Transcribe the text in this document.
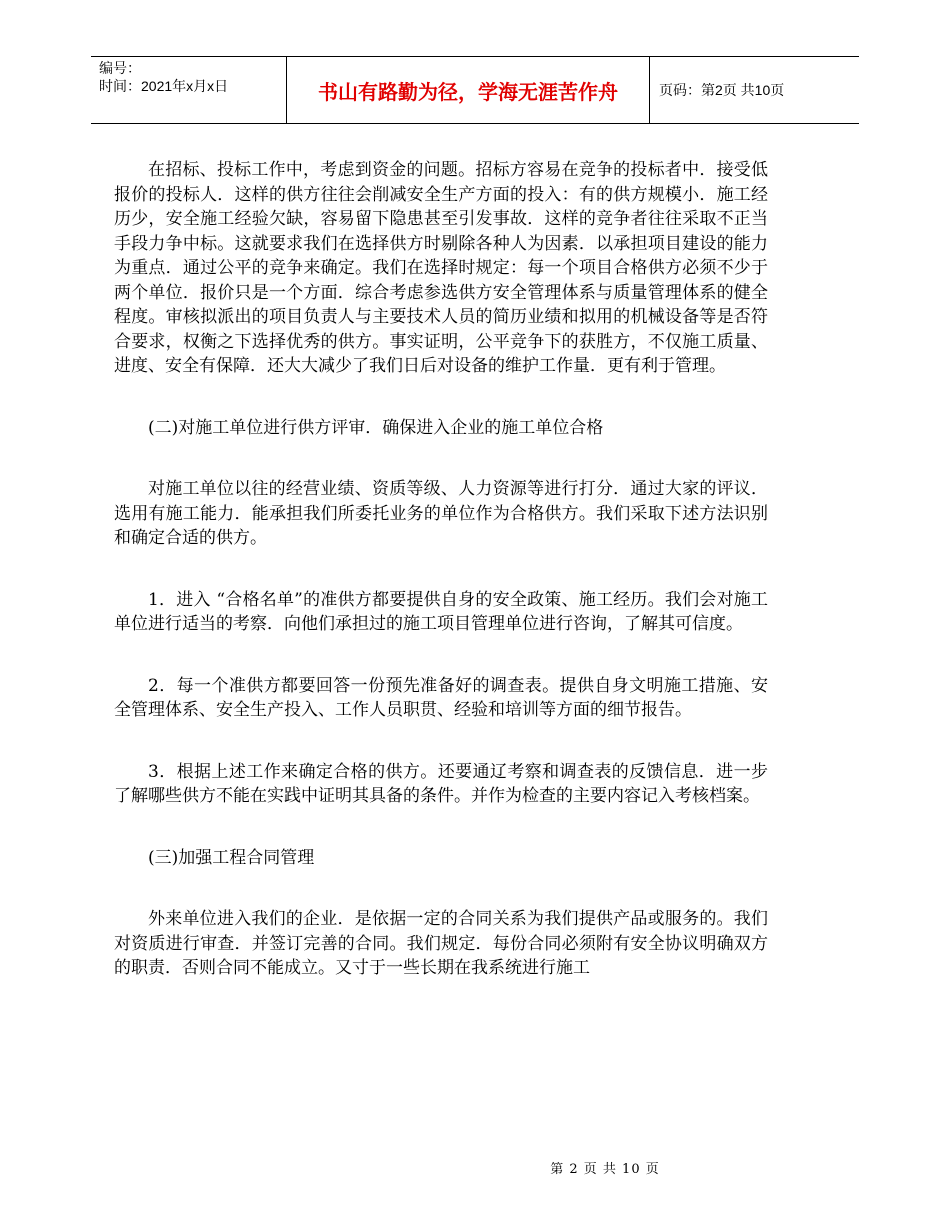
编号：
时间：2021年x月x日	书山有路勤为径，学海无涯苦作舟	页码：第2页 共10页

在招标、投标工作中，考虑到资金的问题。招标方容易在竞争的投标者中．接受低报价的投标人．这样的供方往往会削减安全生产方面的投入：有的供方规模小．施工经历少，安全施工经验欠缺，容易留下隐患甚至引发事故．这样的竞争者往往采取不正当手段力争中标。这就要求我们在选择供方时剔除各种人为因素．以承担项目建设的能力为重点．通过公平的竞争来确定。我们在选择时规定：每一个项目合格供方必须不少于两个单位．报价只是一个方面．综合考虑参选供方安全管理体系与质量管理体系的健全程度。审核拟派出的项目负责人与主要技术人员的简历业绩和拟用的机械设备等是否符合要求，权衡之下选择优秀的供方。事实证明，公平竞争下的获胜方，不仅施工质量、进度、安全有保障．还大大减少了我们日后对设备的维护工作量．更有利于管理。

(二)对施工单位进行供方评审．确保进入企业的施工单位合格

对施工单位以往的经营业绩、资质等级、人力资源等进行打分．通过大家的评议．选用有施工能力．能承担我们所委托业务的单位作为合格供方。我们采取下述方法识别和确定合适的供方。

1．进入 “合格名单”的准供方都要提供自身的安全政策、施工经历。我们会对施工单位进行适当的考察．向他们承担过的施工项目管理单位进行咨询，了解其可信度。

2．每一个准供方都要回答一份预先准备好的调查表。提供自身文明施工措施、安全管理体系、安全生产投入、工作人员职贯、经验和培训等方面的细节报告。

3．根据上述工作来确定合格的供方。还要通辽考察和调查表的反馈信息．进一步了解哪些供方不能在实践中证明其具备的条件。并作为检查的主要内容记入考核档案。

(三)加强工程合同管理

外来单位进入我们的企业．是依据一定的合同关系为我们提供产品或服务的。我们对资质进行审查．并签订完善的合同。我们规定．每份合同必须附有安全协议明确双方的职责．否则合同不能成立。又寸于一些长期在我系统进行施工

第 2 页 共 10 页
